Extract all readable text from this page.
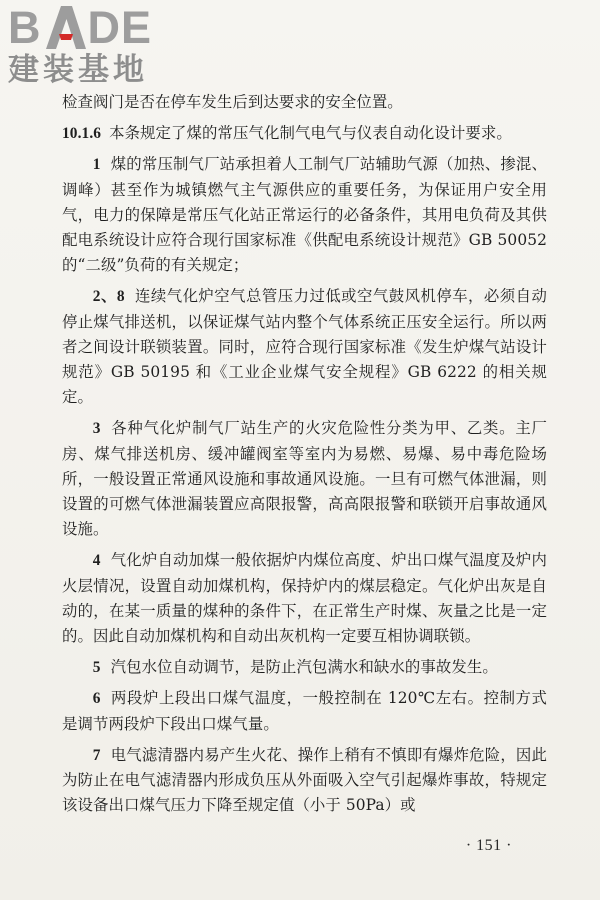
B DE
建装基地

检查阀门是否在停车发生后到达要求的安全位置。

10.1.6 本条规定了煤的常压气化制气电气与仪表自动化设计要求。

1 煤的常压制气厂站承担着人工制气厂站辅助气源（加热、掺混、调峰）甚至作为城镇燃气主气源供应的重要任务，为保证用户安全用气，电力的保障是常压气化站正常运行的必备条件，其用电负荷及其供配电系统设计应符合现行国家标准《供配电系统设计规范》GB 50052 的“二级”负荷的有关规定；

2、8 连续气化炉空气总管压力过低或空气鼓风机停车，必须自动停止煤气排送机，以保证煤气站内整个气体系统正压安全运行。所以两者之间设计联锁装置。同时，应符合现行国家标准《发生炉煤气站设计规范》GB 50195 和《工业企业煤气安全规程》GB 6222 的相关规定。

3 各种气化炉制气厂站生产的火灾危险性分类为甲、乙类。主厂房、煤气排送机房、缓冲罐阀室等室内为易燃、易爆、易中毒危险场所，一般设置正常通风设施和事故通风设施。一旦有可燃气体泄漏，则设置的可燃气体泄漏装置应高限报警，高高限报警和联锁开启事故通风设施。

4 气化炉自动加煤一般依据炉内煤位高度、炉出口煤气温度及炉内火层情况，设置自动加煤机构，保持炉内的煤层稳定。气化炉出灰是自动的，在某一质量的煤种的条件下，在正常生产时煤、灰量之比是一定的。因此自动加煤机构和自动出灰机构一定要互相协调联锁。

5 汽包水位自动调节，是防止汽包满水和缺水的事故发生。

6 两段炉上段出口煤气温度，一般控制在 120℃左右。控制方式是调节两段炉下段出口煤气量。

7 电气滤清器内易产生火花、操作上稍有不慎即有爆炸危险，因此为防止在电气滤清器内形成负压从外面吸入空气引起爆炸事故，特规定该设备出口煤气压力下降至规定值（小于 50Pa）或

· 151 ·
